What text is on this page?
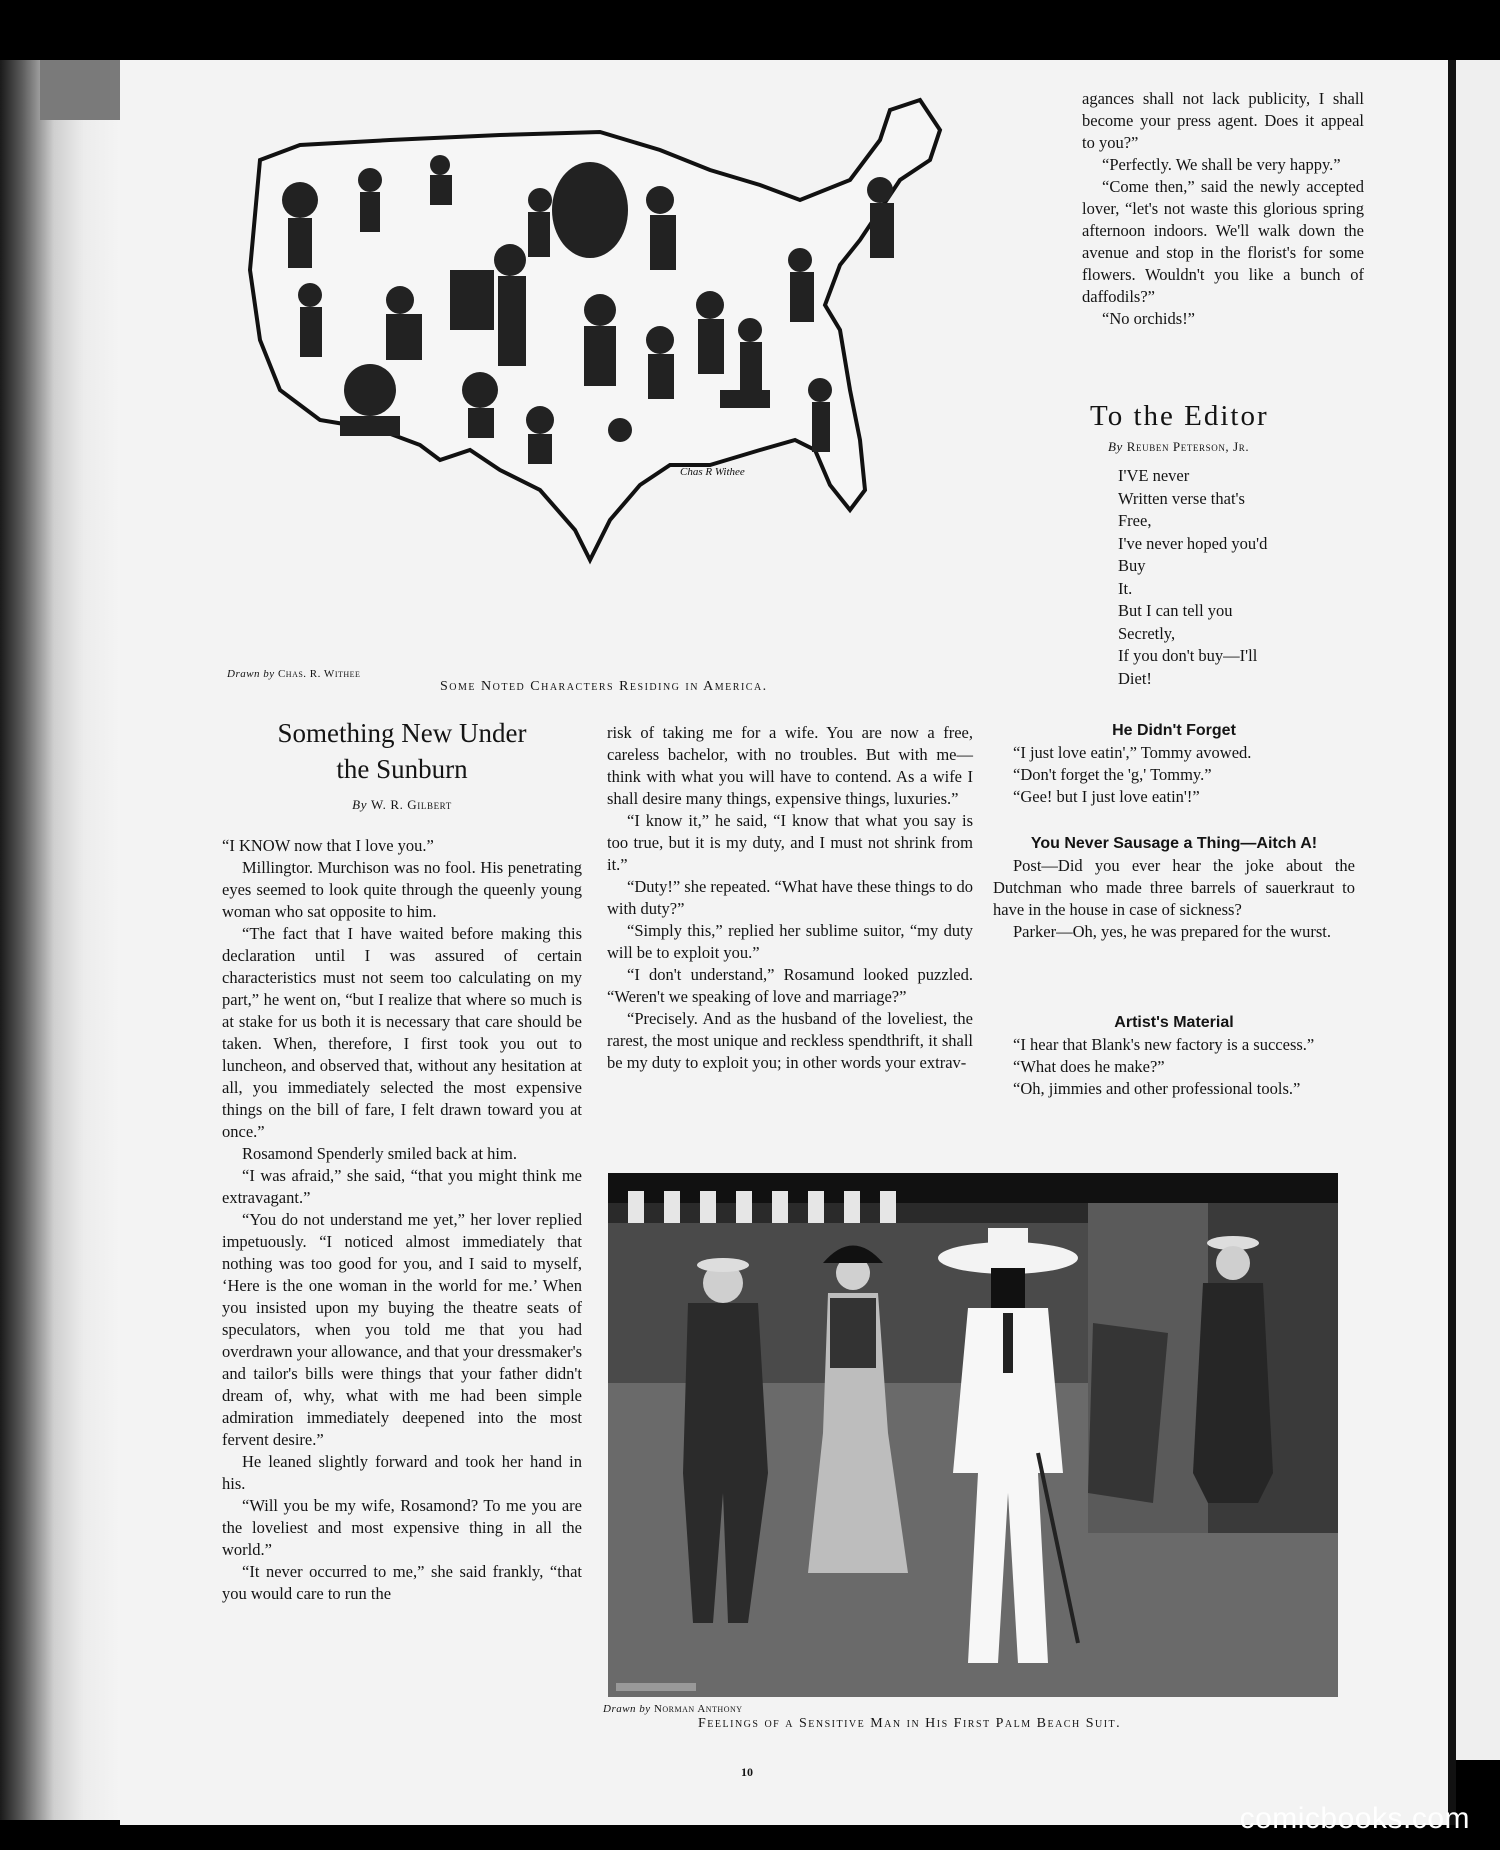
Chas R Withee
Drawn by Chas. R. Withee
Some Noted Characters Residing in America.
Something New Under
the Sunburn
By W. R. Gilbert

“I KNOW now that I love you.”

Millingtor. Murchison was no fool. His penetrating eyes seemed to look quite through the queenly young woman who sat opposite to him.

“The fact that I have waited before making this declaration until I was assured of certain characteristics must not seem too calculating on my part,” he went on, “but I realize that where so much is at stake for us both it is necessary that care should be taken. When, therefore, I first took you out to luncheon, and observed that, without any hesitation at all, you immediately selected the most expensive things on the bill of fare, I felt drawn toward you at once.”

Rosamond Spenderly smiled back at him.

“I was afraid,” she said, “that you might think me extravagant.”

“You do not understand me yet,” her lover replied impetuously. “I noticed almost immediately that nothing was too good for you, and I said to myself, ‘Here is the one woman in the world for me.’ When you insisted upon my buying the theatre seats of speculators, when you told me that you had overdrawn your allowance, and that your dressmaker's and tailor's bills were things that your father didn't dream of, why, what with me had been simple admiration immediately deepened into the most fervent desire.”

He leaned slightly forward and took her hand in his.

“Will you be my wife, Rosamond? To me you are the loveliest and most expensive thing in all the world.”

“It never occurred to me,” she said frankly, “that you would care to run the

risk of taking me for a wife. You are now a free, careless bachelor, with no troubles. But with me—think with what you will have to contend. As a wife I shall desire many things, expensive things, luxuries.”

“I know it,” he said, “I know that what you say is too true, but it is my duty, and I must not shrink from it.”

“Duty!” she repeated. “What have these things to do with duty?”

“Simply this,” replied her sublime suitor, “my duty will be to exploit you.”

“I don't understand,” Rosamund looked puzzled. “Weren't we speaking of love and marriage?”

“Precisely. And as the husband of the loveliest, the rarest, the most unique and reckless spendthrift, it shall be my duty to exploit you; in other words your extrav-

agances shall not lack publicity, I shall become your press agent. Does it appeal to you?”

“Perfectly. We shall be very happy.”

“Come then,” said the newly accepted lover, “let's not waste this glorious spring afternoon indoors. We'll walk down the avenue and stop in the florist's for some flowers. Wouldn't you like a bunch of daffodils?”

“No orchids!”

To the Editor
By Reuben Peterson, Jr.
I'VE never
Written verse that's
Free,
I've never hoped you'd
Buy
It.
But I can tell you
Secretly,
If you don't buy—I'll
Diet!
He Didn't Forget

“I just love eatin',” Tommy avowed.

“Don't forget the 'g,' Tommy.”

“Gee! but I just love eatin'!”

You Never Sausage a Thing—Aitch A!

Post—Did you ever hear the joke about the Dutchman who made three barrels of sauerkraut to have in the house in case of sickness?

Parker—Oh, yes, he was prepared for the wurst.

Artist's Material

“I hear that Blank's new factory is a success.”

“What does he make?”

“Oh, jimmies and other professional tools.”

Drawn by Norman Anthony
Feelings of a Sensitive Man in His First Palm Beach Suit.
10
comicbooks.com
